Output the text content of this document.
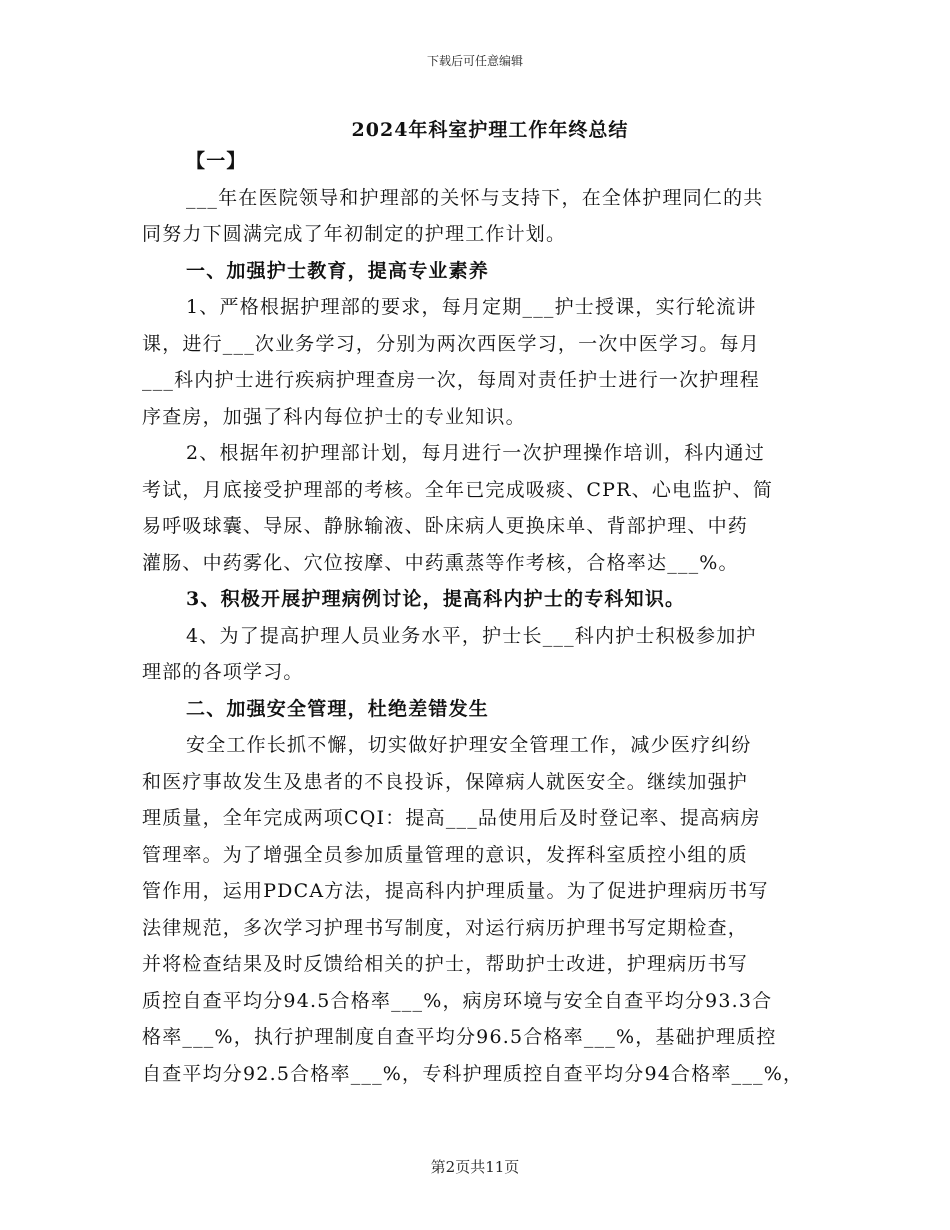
下载后可任意编辑
2024年科室护理工作年终总结
【一】
___年在医院领导和护理部的关怀与支持下，在全体护理同仁的共
同努力下圆满完成了年初制定的护理工作计划。
一、加强护士教育，提高专业素养
1、严格根据护理部的要求，每月定期___护士授课，实行轮流讲
课，进行___次业务学习，分别为两次西医学习，一次中医学习。每月
___科内护士进行疾病护理查房一次，每周对责任护士进行一次护理程
序查房，加强了科内每位护士的专业知识。
2、根据年初护理部计划，每月进行一次护理操作培训，科内通过
考试，月底接受护理部的考核。全年已完成吸痰、CPR、心电监护、简
易呼吸球囊、导尿、静脉输液、卧床病人更换床单、背部护理、中药
灌肠、中药雾化、穴位按摩、中药熏蒸等作考核，合格率达___%。
3、积极开展护理病例讨论，提高科内护士的专科知识。
4、为了提高护理人员业务水平，护士长___科内护士积极参加护
理部的各项学习。
二、加强安全管理，杜绝差错发生
安全工作长抓不懈，切实做好护理安全管理工作，减少医疗纠纷
和医疗事故发生及患者的不良投诉，保障病人就医安全。继续加强护
理质量，全年完成两项CQI：提高___品使用后及时登记率、提高病房
管理率。为了增强全员参加质量管理的意识，发挥科室质控小组的质
管作用，运用PDCA方法，提高科内护理质量。为了促进护理病历书写
法律规范，多次学习护理书写制度，对运行病历护理书写定期检查，
并将检查结果及时反馈给相关的护士，帮助护士改进，护理病历书写
质控自查平均分94.5合格率___%，病房环境与安全自查平均分93.3合
格率___%，执行护理制度自查平均分96.5合格率___%，基础护理质控
自查平均分92.5合格率___%，专科护理质控自查平均分94合格率___%，
第2页共11页
